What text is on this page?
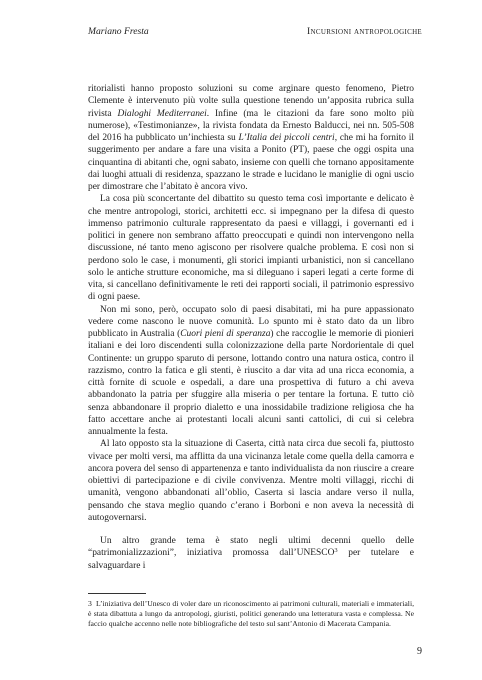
Mariano Fresta	Incursioni antropologiche

ritorialisti hanno proposto soluzioni su come arginare questo fenomeno, Pietro Clemente è intervenuto più volte sulla questione tenendo un’apposita rubrica sulla rivista Dialoghi Mediterranei. Infine (ma le citazioni da fare sono molto più numerose), «Testimonianze», la rivista fondata da Ernesto Balducci, nei nn. 505-508 del 2016 ha pubblicato un’inchiesta su L’Italia dei piccoli centri, che mi ha fornito il suggerimento per andare a fare una visita a Ponito (PT), paese che oggi ospita una cinquantina di abitanti che, ogni sabato, insieme con quelli che tornano appositamente dai luoghi attuali di residenza, spazzano le strade e lucidano le maniglie di ogni uscio per dimostrare che l’abitato è ancora vivo.

La cosa più sconcertante del dibattito su questo tema così importante e delicato è che mentre antropologi, storici, architetti ecc. si impegnano per la difesa di questo immenso patrimonio culturale rappresentato da paesi e villaggi, i governanti ed i politici in genere non sembrano affatto preoccupati e quindi non intervengono nella discussione, né tanto meno agiscono per risolvere qualche problema. E così non si perdono solo le case, i monumenti, gli storici impianti urbanistici, non si cancellano solo le antiche strutture economiche, ma si dileguano i saperi legati a certe forme di vita, si cancellano definitivamente le reti dei rapporti sociali, il patrimonio espressivo di ogni paese.

Non mi sono, però, occupato solo di paesi disabitati, mi ha pure appassionato vedere come nascono le nuove comunità. Lo spunto mi è stato dato da un libro pubblicato in Australia (Cuori pieni di speranza) che raccoglie le memorie di pionieri italiani e dei loro discendenti sulla colonizzazione della parte Nordorientale di quel Continente: un gruppo sparuto di persone, lottando contro una natura ostica, contro il razzismo, contro la fatica e gli stenti, è riuscito a dar vita ad una ricca economia, a città fornite di scuole e ospedali, a dare una prospettiva di futuro a chi aveva abbandonato la patria per sfuggire alla miseria o per tentare la fortuna. E tutto ciò senza abbandonare il proprio dialetto e una inossidabile tradizione religiosa che ha fatto accettare anche ai protestanti locali alcuni santi cattolici, di cui si celebra annualmente la festa.

Al lato opposto sta la situazione di Caserta, città nata circa due secoli fa, piuttosto vivace per molti versi, ma afflitta da una vicinanza letale come quella della camorra e ancora povera del senso di appartenenza e tanto individualista da non riuscire a creare obiettivi di partecipazione e di civile convivenza. Mentre molti villaggi, ricchi di umanità, vengono abbandonati all’oblio, Caserta si lascia andare verso il nulla, pensando che stava meglio quando c’erano i Borboni e non aveva la necessità di autogovernarsi.

Un altro grande tema è stato negli ultimi decenni quello delle “patrimonializzazioni”, iniziativa promossa dall’UNESCO$^3$ per tutelare e salvaguardare i

3 L’iniziativa dell’Unesco di voler dare un riconoscimento ai patrimoni culturali, materiali e immateriali, è stata dibattuta a lungo da antropologi, giuristi, politici generando una letteratura vasta e complessa. Ne faccio qualche accenno nelle note bibliografiche del testo sul sant’Antonio di Macerata Campania.
9
